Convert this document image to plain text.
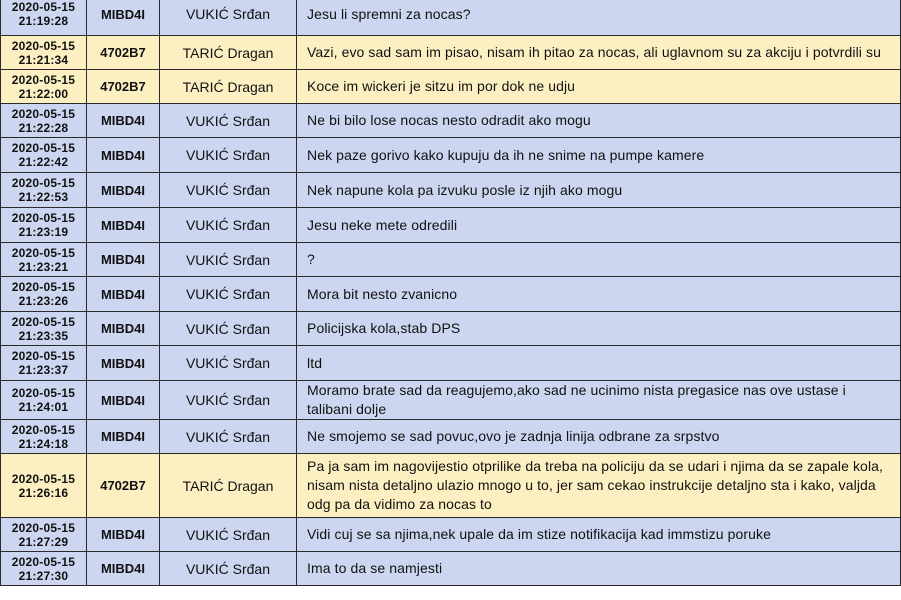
2020-05-15
21:19:28	MIBD4I	VUKIĆ Srđan	Jesu li spremni za nocas?

2020-05-15
21:21:34	4702B7	TARIĆ Dragan	Vazi, evo sad sam im pisao, nisam ih pitao za nocas, ali uglavnom su za akciju i potvrdili su

2020-05-15
21:22:00	4702B7	TARIĆ Dragan	Koce im wickeri je sitzu im por dok ne udju

2020-05-15
21:22:28	MIBD4I	VUKIĆ Srđan	Ne bi bilo lose nocas nesto odradit ako mogu

2020-05-15
21:22:42	MIBD4I	VUKIĆ Srđan	Nek paze gorivo kako kupuju da ih ne snime na pumpe kamere

2020-05-15
21:22:53	MIBD4I	VUKIĆ Srđan	Nek napune kola pa izvuku posle iz njih ako mogu

2020-05-15
21:23:19	MIBD4I	VUKIĆ Srđan	Jesu neke mete odredili

2020-05-15
21:23:21	MIBD4I	VUKIĆ Srđan	?

2020-05-15
21:23:26	MIBD4I	VUKIĆ Srđan	Mora bit nesto zvanicno

2020-05-15
21:23:35	MIBD4I	VUKIĆ Srđan	Policijska kola,stab DPS

2020-05-15
21:23:37	MIBD4I	VUKIĆ Srđan	ltd

2020-05-15
21:24:01	MIBD4I	VUKIĆ Srđan	Moramo brate sad da reagujemo,ako sad ne ucinimo nista pregasice nas ove ustase i talibani dolje

2020-05-15
21:24:18	MIBD4I	VUKIĆ Srđan	Ne smojemo se sad povuc,ovo je zadnja linija odbrane za srpstvo

2020-05-15
21:26:16	4702B7	TARIĆ Dragan	Pa ja sam im nagovijestio otprilike da treba na policiju da se udari i njima da se zapale kola, nisam nista detaljno ulazio mnogo u to, jer sam cekao instrukcije detaljno sta i kako, valjda odg pa da vidimo za nocas to

2020-05-15
21:27:29	MIBD4I	VUKIĆ Srđan	Vidi cuj se sa njima,nek upale da im stize notifikacija kad immstizu poruke

2020-05-15
21:27:30	MIBD4I	VUKIĆ Srđan	Ima to da se namjesti
